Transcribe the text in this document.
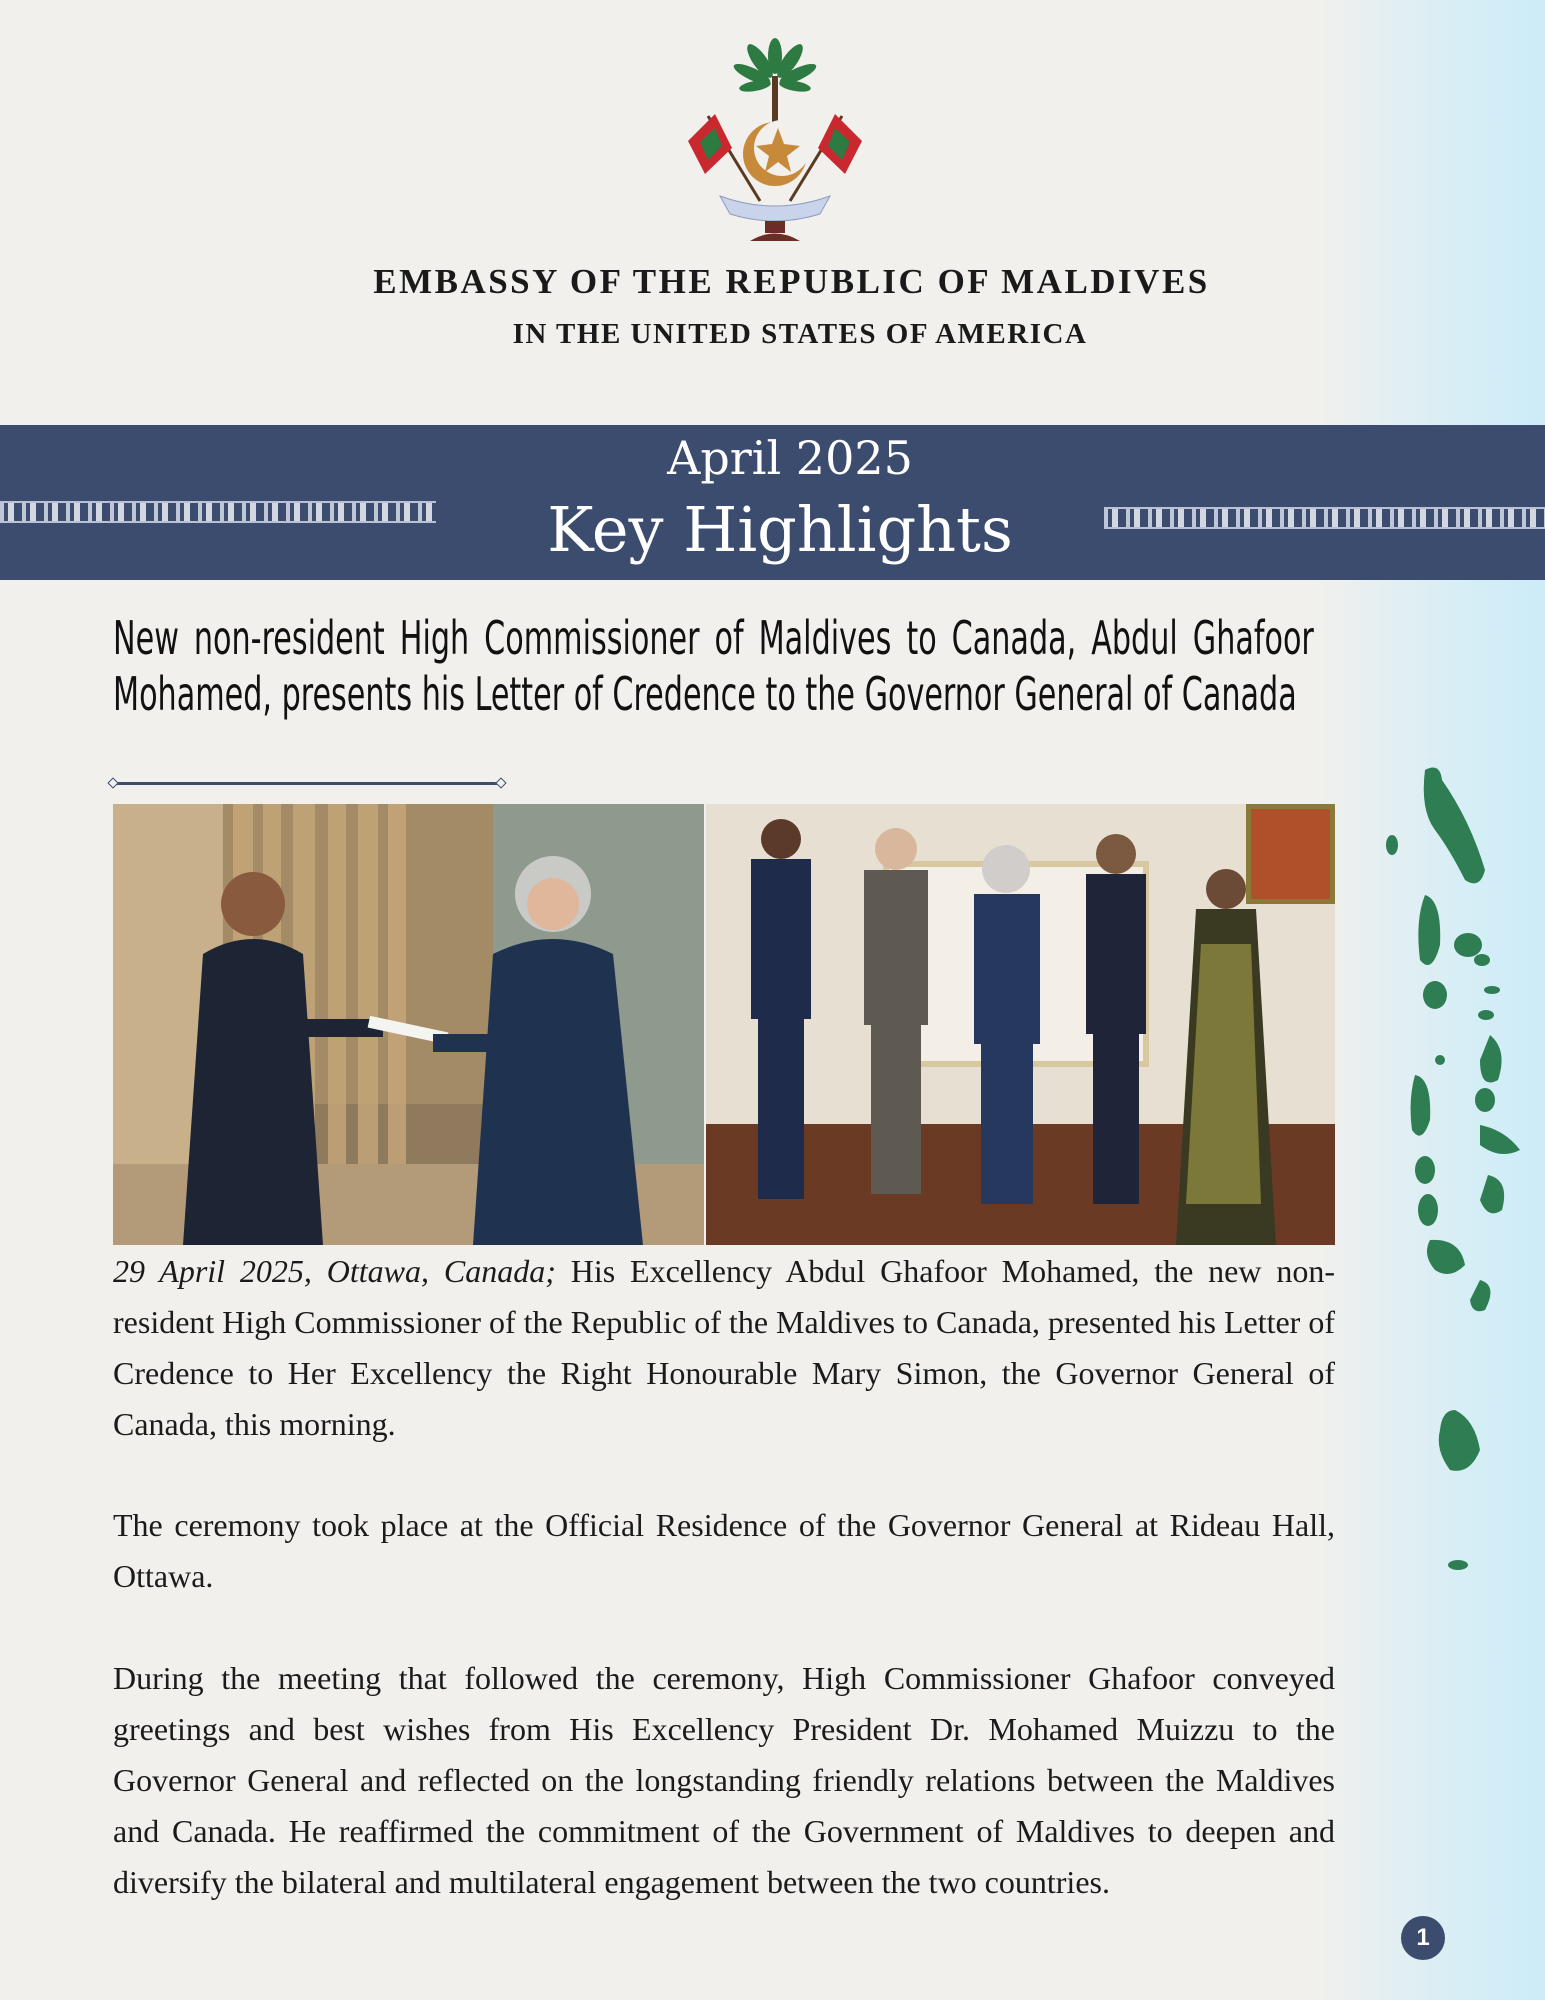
EMBASSY OF THE REPUBLIC OF MALDIVES
IN THE UNITED STATES OF AMERICA
April 2025
Key Highlights
New non-resident High Commissioner of Maldives to Canada, Abdul Ghafoor Mohamed, presents his Letter of Credence to the Governor General of Canada
29 April 2025, Ottawa, Canada; His Excellency Abdul Ghafoor Mohamed, the new non-resident High Commissioner of the Republic of the Maldives to Canada, presented his Letter of Credence to Her Excellency the Right Honourable Mary Simon, the Governor General of Canada, this morning.
The ceremony took place at the Official Residence of the Governor General at Rideau Hall, Ottawa.
During the meeting that followed the ceremony, High Commissioner Ghafoor conveyed greetings and best wishes from His Excellency President Dr. Mohamed Muizzu to the Governor General and reflected on the longstanding friendly relations between the Maldives and Canada. He reaffirmed the commitment of the Government of Maldives to deepen and diversify the bilateral and multilateral engagement between the two countries.
1
